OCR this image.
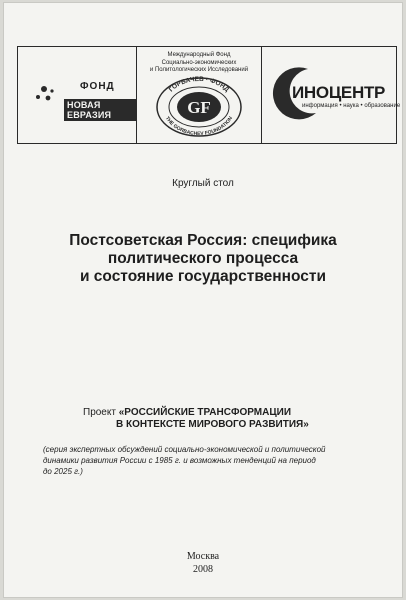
ФОНД
НОВАЯ ЕВРАЗИЯ
Международный Фонд
Социально-экономических
и Политологических Исследований
ГОРБАЧЕВ · ФОНД
THE GORBACHEV FOUNDATION
GF
ИНОЦЕНТР
информация • наука • образование
Круглый стол
Постсоветская Россия: специфика
политического процесса
и состояние государственности
Проект «РОССИЙСКИЕ ТРАНСФОРМАЦИИ
В КОНТЕКСТЕ МИРОВОГО РАЗВИТИЯ»
(серия экспертных обсуждений социально-экономической и политической
динамики развития России с 1985 г. и возможных тенденций на период
до 2025 г.)
Москва
2008
